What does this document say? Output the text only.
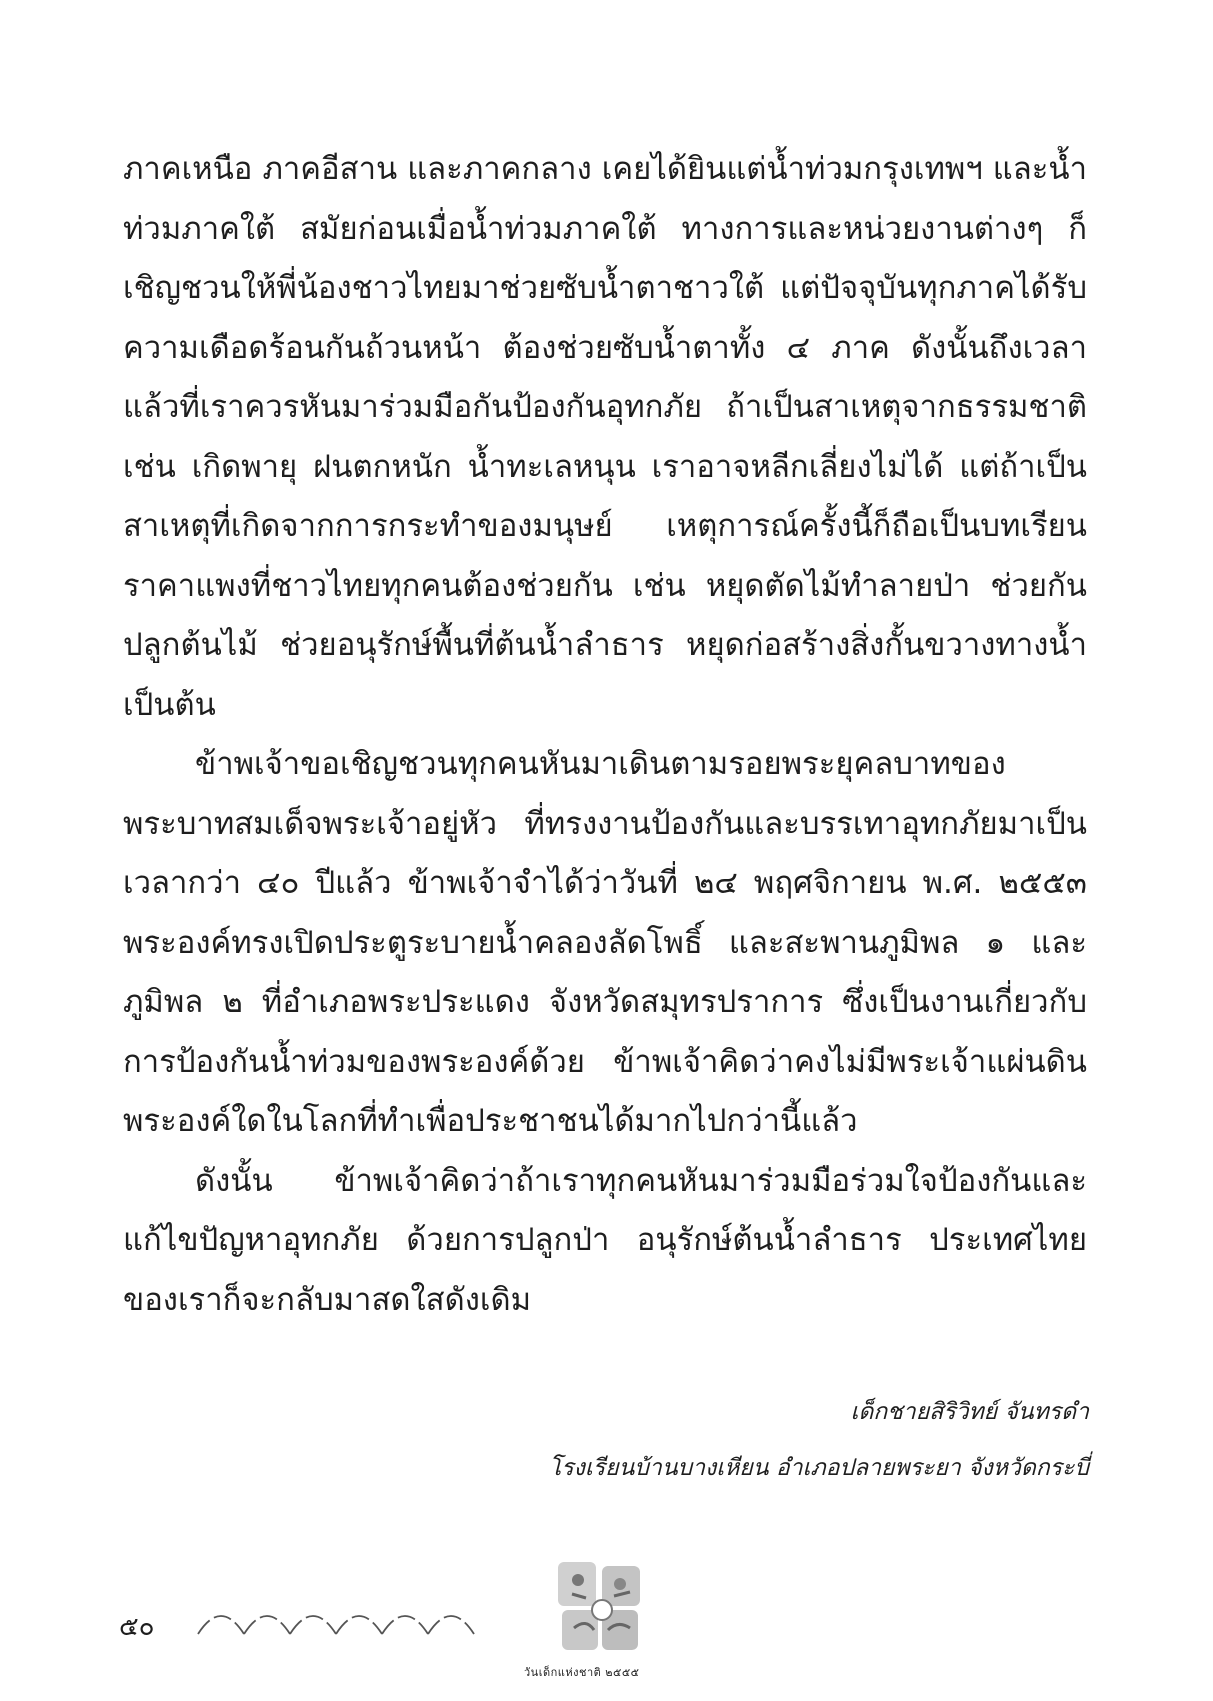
ภาคเหนือ ภาคอีสาน และภาคกลาง เคยได้ยินแต่น้ำท่วมกรุงเทพฯ และน้ำท่วมภาคใต้ สมัยก่อนเมื่อน้ำท่วมภาคใต้ ทางการและหน่วยงานต่างๆ ก็เชิญชวนให้พี่น้องชาวไทยมาช่วยซับน้ำตาชาวใต้ แต่ปัจจุบันทุกภาคได้รับความเดือดร้อนกันถ้วนหน้า ต้องช่วยซับน้ำตาทั้ง ๔ ภาค ดังนั้นถึงเวลาแล้วที่เราควรหันมาร่วมมือกันป้องกันอุทกภัย ถ้าเป็นสาเหตุจากธรรมชาติ เช่น เกิดพายุ ฝนตกหนัก น้ำทะเลหนุน เราอาจหลีกเลี่ยงไม่ได้ แต่ถ้าเป็นสาเหตุที่เกิดจากการกระทำของมนุษย์ เหตุการณ์ครั้งนี้ก็ถือเป็นบทเรียนราคาแพงที่ชาวไทยทุกคนต้องช่วยกัน เช่น หยุดตัดไม้ทำลายป่า ช่วยกันปลูกต้นไม้ ช่วยอนุรักษ์พื้นที่ต้นน้ำลำธาร หยุดก่อสร้างสิ่งกั้นขวางทางน้ำ เป็นต้น

ข้าพเจ้าขอเชิญชวนทุกคนหันมาเดินตามรอยพระยุคลบาทของพระบาทสมเด็จพระเจ้าอยู่หัว ที่ทรงงานป้องกันและบรรเทาอุทกภัยมาเป็นเวลากว่า ๔๐ ปีแล้ว ข้าพเจ้าจำได้ว่าวันที่ ๒๔ พฤศจิกายน พ.ศ. ๒๕๕๓ พระองค์ทรงเปิดประตูระบายน้ำคลองลัดโพธิ์ และสะพานภูมิพล ๑ และ ภูมิพล ๒ ที่อำเภอพระประแดง จังหวัดสมุทรปราการ ซึ่งเป็นงานเกี่ยวกับการป้องกันน้ำท่วมของพระองค์ด้วย ข้าพเจ้าคิดว่าคงไม่มีพระเจ้าแผ่นดินพระองค์ใดในโลกที่ทำเพื่อประชาชนได้มากไปกว่านี้แล้ว

ดังนั้น ข้าพเจ้าคิดว่าถ้าเราทุกคนหันมาร่วมมือร่วมใจป้องกันและแก้ไขปัญหาอุทกภัย ด้วยการปลูกป่า อนุรักษ์ต้นน้ำลำธาร ประเทศไทยของเราก็จะกลับมาสดใสดังเดิม

เด็กชายสิริวิทย์ จันทรดำ
โรงเรียนบ้านบางเหียน อำเภอปลายพระยา จังหวัดกระบี่
๕๐
วันเด็กแห่งชาติ ๒๕๕๕
